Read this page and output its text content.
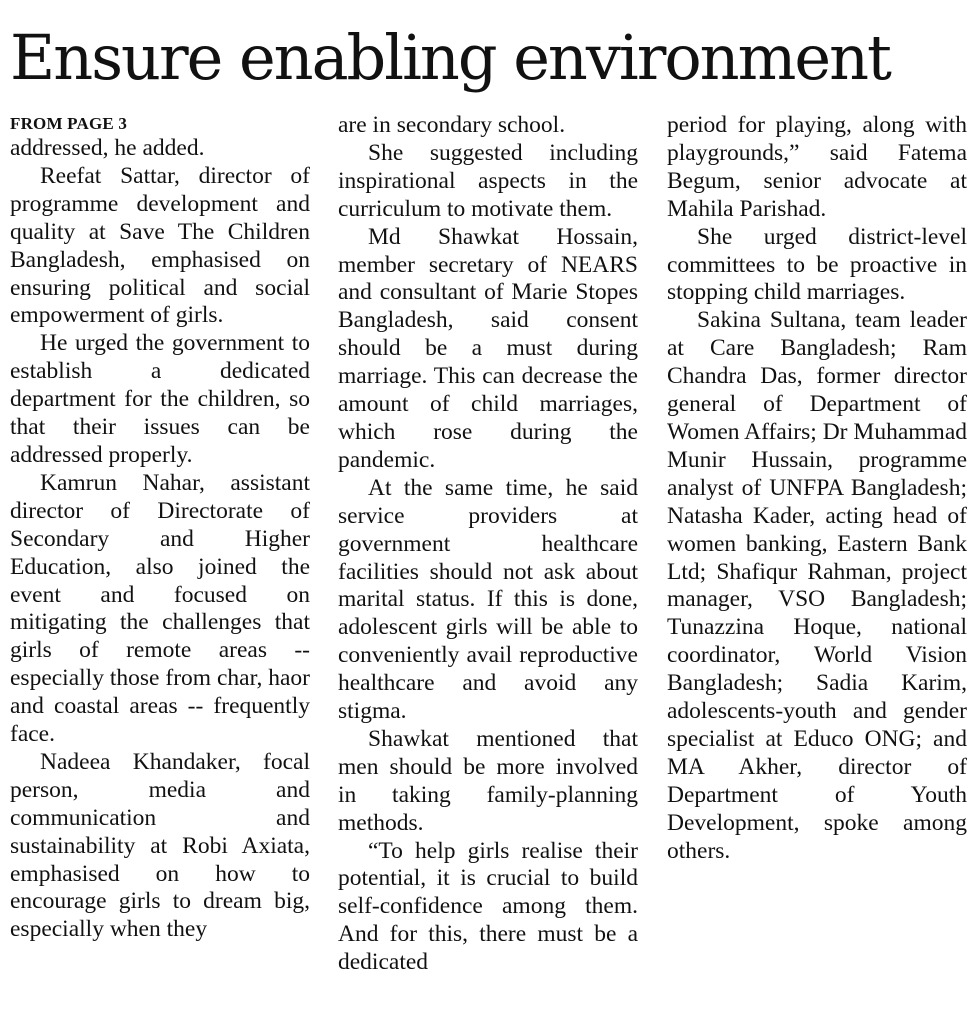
Ensure enabling environment
FROM PAGE 3

addressed, he added.

Reefat Sattar, director of programme development and quality at Save The Children Bangladesh, emphasised on ensuring political and social empowerment of girls.

He urged the government to establish a dedicated department for the children, so that their issues can be addressed properly.

Kamrun Nahar, assistant director of Directorate of Secondary and Higher Education, also joined the event and focused on mitigating the challenges that girls of remote areas -- especially those from char, haor and coastal areas -- frequently face.

Nadeea Khandaker, focal person, media and communication and sustainability at Robi Axiata, emphasised on how to encourage girls to dream big, especially when they

are in secondary school.

She suggested including inspirational aspects in the curriculum to motivate them.

Md Shawkat Hossain, member secretary of NEARS and consultant of Marie Stopes Bangladesh, said consent should be a must during marriage. This can decrease the amount of child marriages, which rose during the pandemic.

At the same time, he said service providers at government healthcare facilities should not ask about marital status. If this is done, adolescent girls will be able to conveniently avail reproductive healthcare and avoid any stigma.

Shawkat mentioned that men should be more involved in taking family-planning methods.

“To help girls realise their potential, it is crucial to build self-confidence among them. And for this, there must be a dedicated

period for playing, along with playgrounds,” said Fatema Begum, senior advocate at Mahila Parishad.

She urged district-level committees to be proactive in stopping child marriages.

Sakina Sultana, team leader at Care Bangladesh; Ram Chandra Das, former director general of Department of Women Affairs; Dr Muhammad Munir Hussain, programme analyst of UNFPA Bangladesh; Natasha Kader, acting head of women banking, Eastern Bank Ltd; Shafiqur Rahman, project manager, VSO Bangladesh; Tunazzina Hoque, national coordinator, World Vision Bangladesh; Sadia Karim, adolescents-youth and gender specialist at Educo ONG; and MA Akher, director of Department of Youth Development, spoke among others.
